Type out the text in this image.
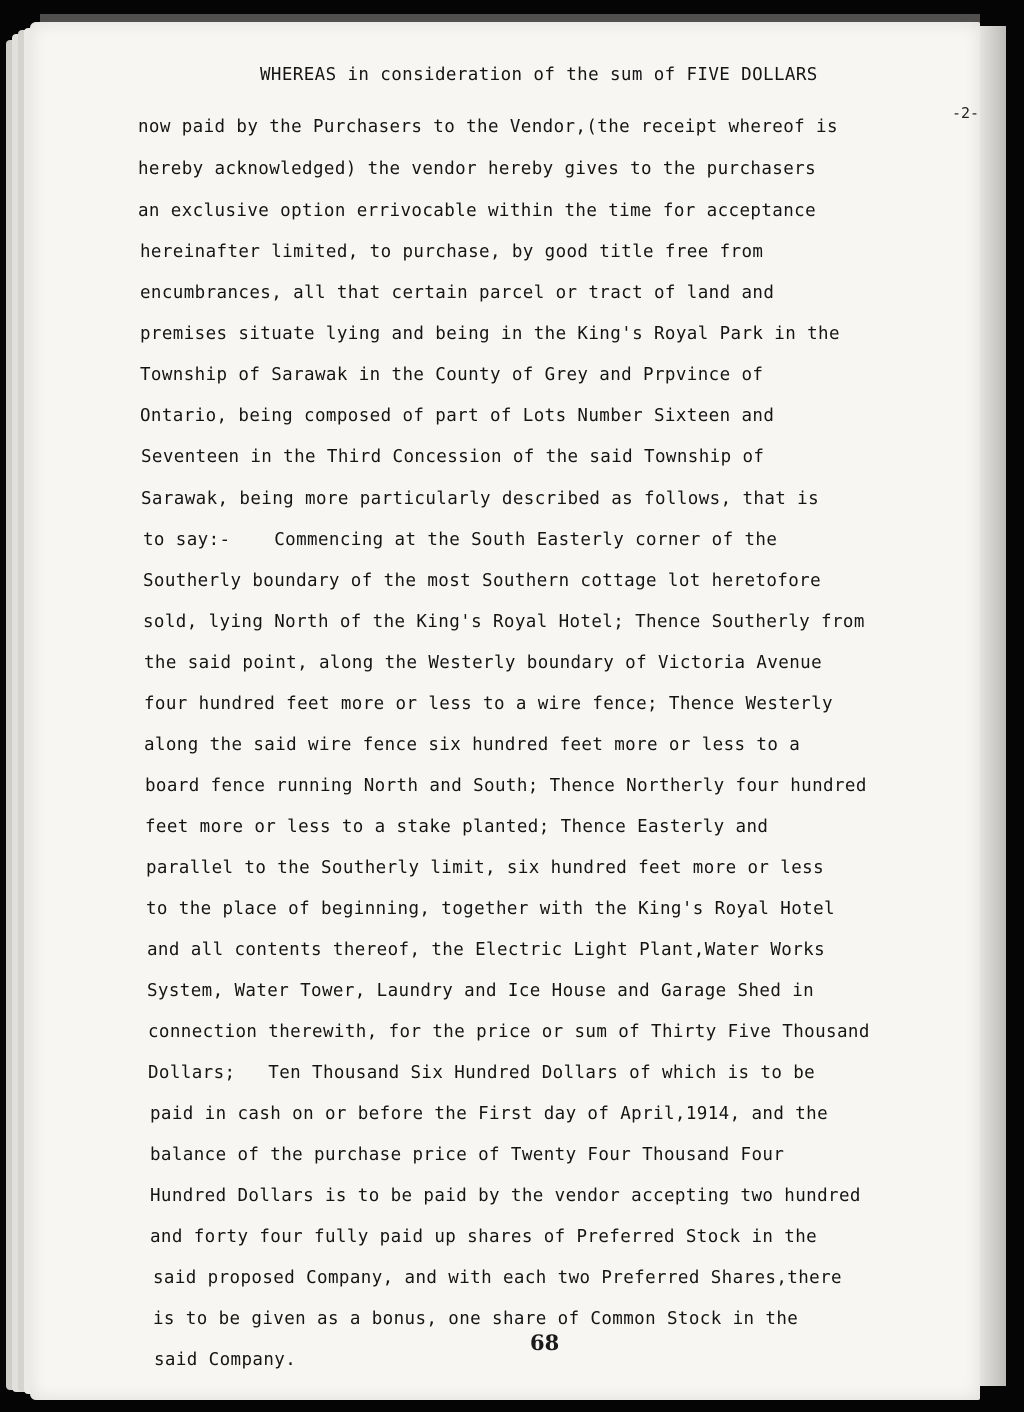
-2-
WHEREAS in consideration of the sum of FIVE DOLLARS
now paid by the Purchasers to the Vendor,(the receipt whereof is
hereby acknowledged) the vendor hereby gives to the purchasers
an exclusive option errivocable within the time for acceptance
hereinafter limited, to purchase, by good title free from
encumbrances, all that certain parcel or tract of land and
premises situate lying and being in the King's Royal Park in the
Township of Sarawak in the County of Grey and Prpvince of
Ontario, being composed of part of Lots Number Sixteen and
Seventeen in the Third Concession of the said Township of
Sarawak, being more particularly described as follows, that is
to say:-    Commencing at the South Easterly corner of the
Southerly boundary of the most Southern cottage lot heretofore
sold, lying North of the King's Royal Hotel; Thence Southerly from
the said point, along the Westerly boundary of Victoria Avenue
four hundred feet more or less to a wire fence; Thence Westerly
along the said wire fence six hundred feet more or less to a
board fence running North and South; Thence Northerly four hundred
feet more or less to a stake planted; Thence Easterly and
parallel to the Southerly limit, six hundred feet more or less
to the place of beginning, together with the King's Royal Hotel
and all contents thereof, the Electric Light Plant,Water Works
System, Water Tower, Laundry and Ice House and Garage Shed in
connection therewith, for the price or sum of Thirty Five Thousand
Dollars;   Ten Thousand Six Hundred Dollars of which is to be
paid in cash on or before the First day of April,1914, and the
balance of the purchase price of Twenty Four Thousand Four
Hundred Dollars is to be paid by the vendor accepting two hundred
and forty four fully paid up shares of Preferred Stock in the
said proposed Company, and with each two Preferred Shares,there
is to be given as a bonus, one share of Common Stock in the
said Company.
68
